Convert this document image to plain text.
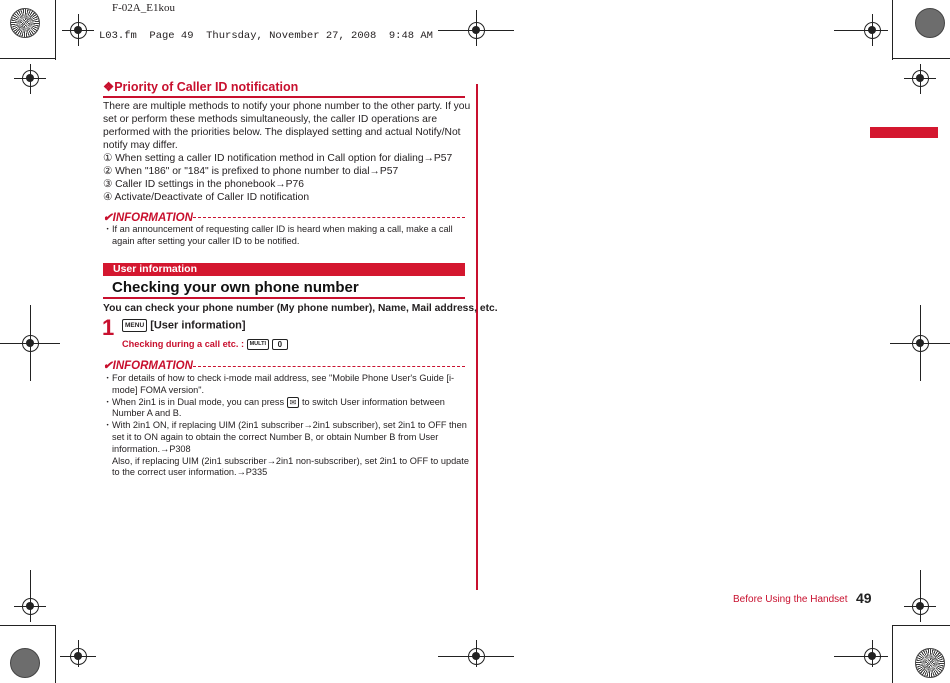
F-02A_E1kou
L03.fm  Page 49  Thursday, November 27, 2008  9:48 AM
❖Priority of Caller ID notification
There are multiple methods to notify your phone number to the other party. If you
set or perform these methods simultaneously, the caller ID operations are
performed with the priorities below. The displayed setting and actual Notify/Not
notify may differ.
① When setting a caller ID notification method in Call option for dialing→P57
② When "186" or "184" is prefixed to phone number to dial→P57
③ Caller ID settings in the phonebook→P76
④ Activate/Deactivate of Caller ID notification
✔INFORMATION
・ If an announcement of requesting caller ID is heard when making a call, make a call
again after setting your caller ID to be notified.
User information
Checking your own phone number
You can check your phone number (My phone number), Name, Mail address, etc.
1	MENU [User information]
Checking during a call etc. : MULTI 0
✔INFORMATION
・ For details of how to check i-mode mail address, see "Mobile Phone User's Guide [i-
mode] FOMA version".
・ When 2in1 is in Dual mode, you can press ✉ to switch User information between
Number A and B.
・ With 2in1 ON, if replacing UIM (2in1 subscriber→2in1 subscriber), set 2in1 to OFF then
set it to ON again to obtain the correct Number B, or obtain Number B from User
information.→P308
Also, if replacing UIM (2in1 subscriber→2in1 non-subscriber), set 2in1 to OFF to update
to the correct user information.→P335
Before Using the Handset 49
